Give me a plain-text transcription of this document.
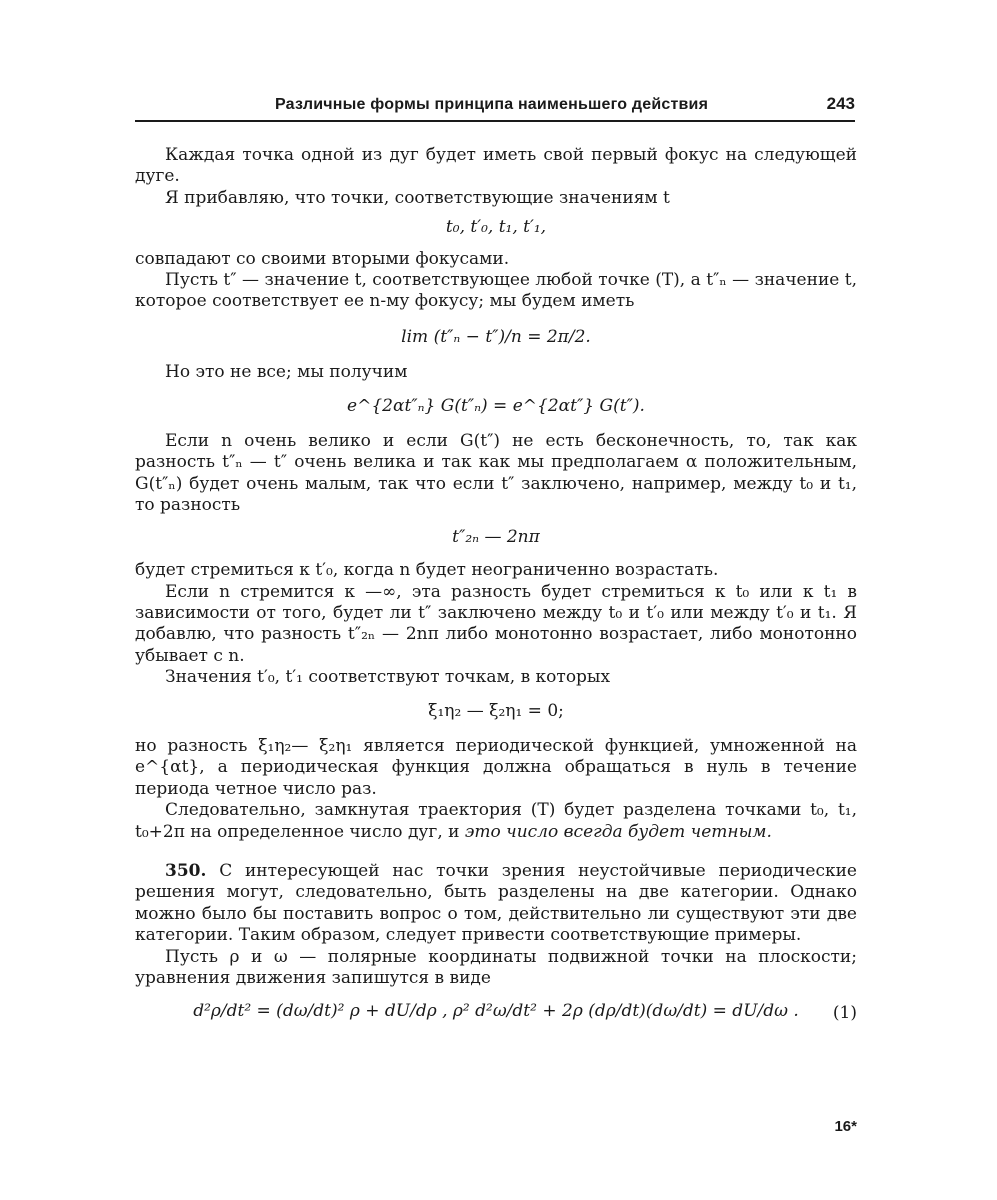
Различные формы принципа наименьшего действия	243

Каждая точка одной из дуг будет иметь свой первый фокус на следующей дуге.

Я прибавляю, что точки, соответствующие значениям t

t₀, t′₀, t₁, t′₁,

совпадают со своими вторыми фокусами.

Пусть t″ — значение t, соответствующее любой точке (T), а t″ₙ — значение t, которое соответствует ее n-му фокусу; мы будем иметь

lim (t″ₙ − t″)/n = 2π/2.

Но это не все; мы получим

e^{2αt″ₙ} G(t″ₙ) = e^{2αt″} G(t″).

Если n очень велико и если G(t″) не есть бесконечность, то, так как разность t″ₙ — t″ очень велика и так как мы предполагаем α положительным, G(t″ₙ) будет очень малым, так что если t″ заключено, например, между t₀ и t₁, то разность

t″₂ₙ — 2nπ

будет стремиться к t′₀, когда n будет неограниченно возрастать.

Если n стремится к —∞, эта разность будет стремиться к t₀ или к t₁ в зависимости от того, будет ли t″ заключено между t₀ и t′₀ или между t′₀ и t₁. Я добавлю, что разность t″₂ₙ — 2nπ либо монотонно возрастает, либо монотонно убывает с n.

Значения t′₀, t′₁ соответствуют точкам, в которых

ξ₁η₂ — ξ₂η₁ = 0;

но разность ξ₁η₂— ξ₂η₁ является периодической функцией, умноженной на e^{αt}, а периодическая функция должна обращаться в нуль в течение периода четное число раз.

Следовательно, замкнутая траектория (T) будет разделена точками t₀, t₁, t₀+2π на определенное число дуг, и это число всегда будет четным.

350. С интересующей нас точки зрения неустойчивые периодические решения могут, следовательно, быть разделены на две категории. Однако можно было бы поставить вопрос о том, действительно ли существуют эти две категории. Таким образом, следует привести соответствующие примеры.

Пусть ρ и ω — полярные координаты подвижной точки на плоскости; уравнения движения запишутся в виде

d²ρ/dt² = (dω/dt)² ρ + dU/dρ , ρ² d²ω/dt² + 2ρ (dρ/dt)(dω/dt) = dU/dω .	(1)
16*
